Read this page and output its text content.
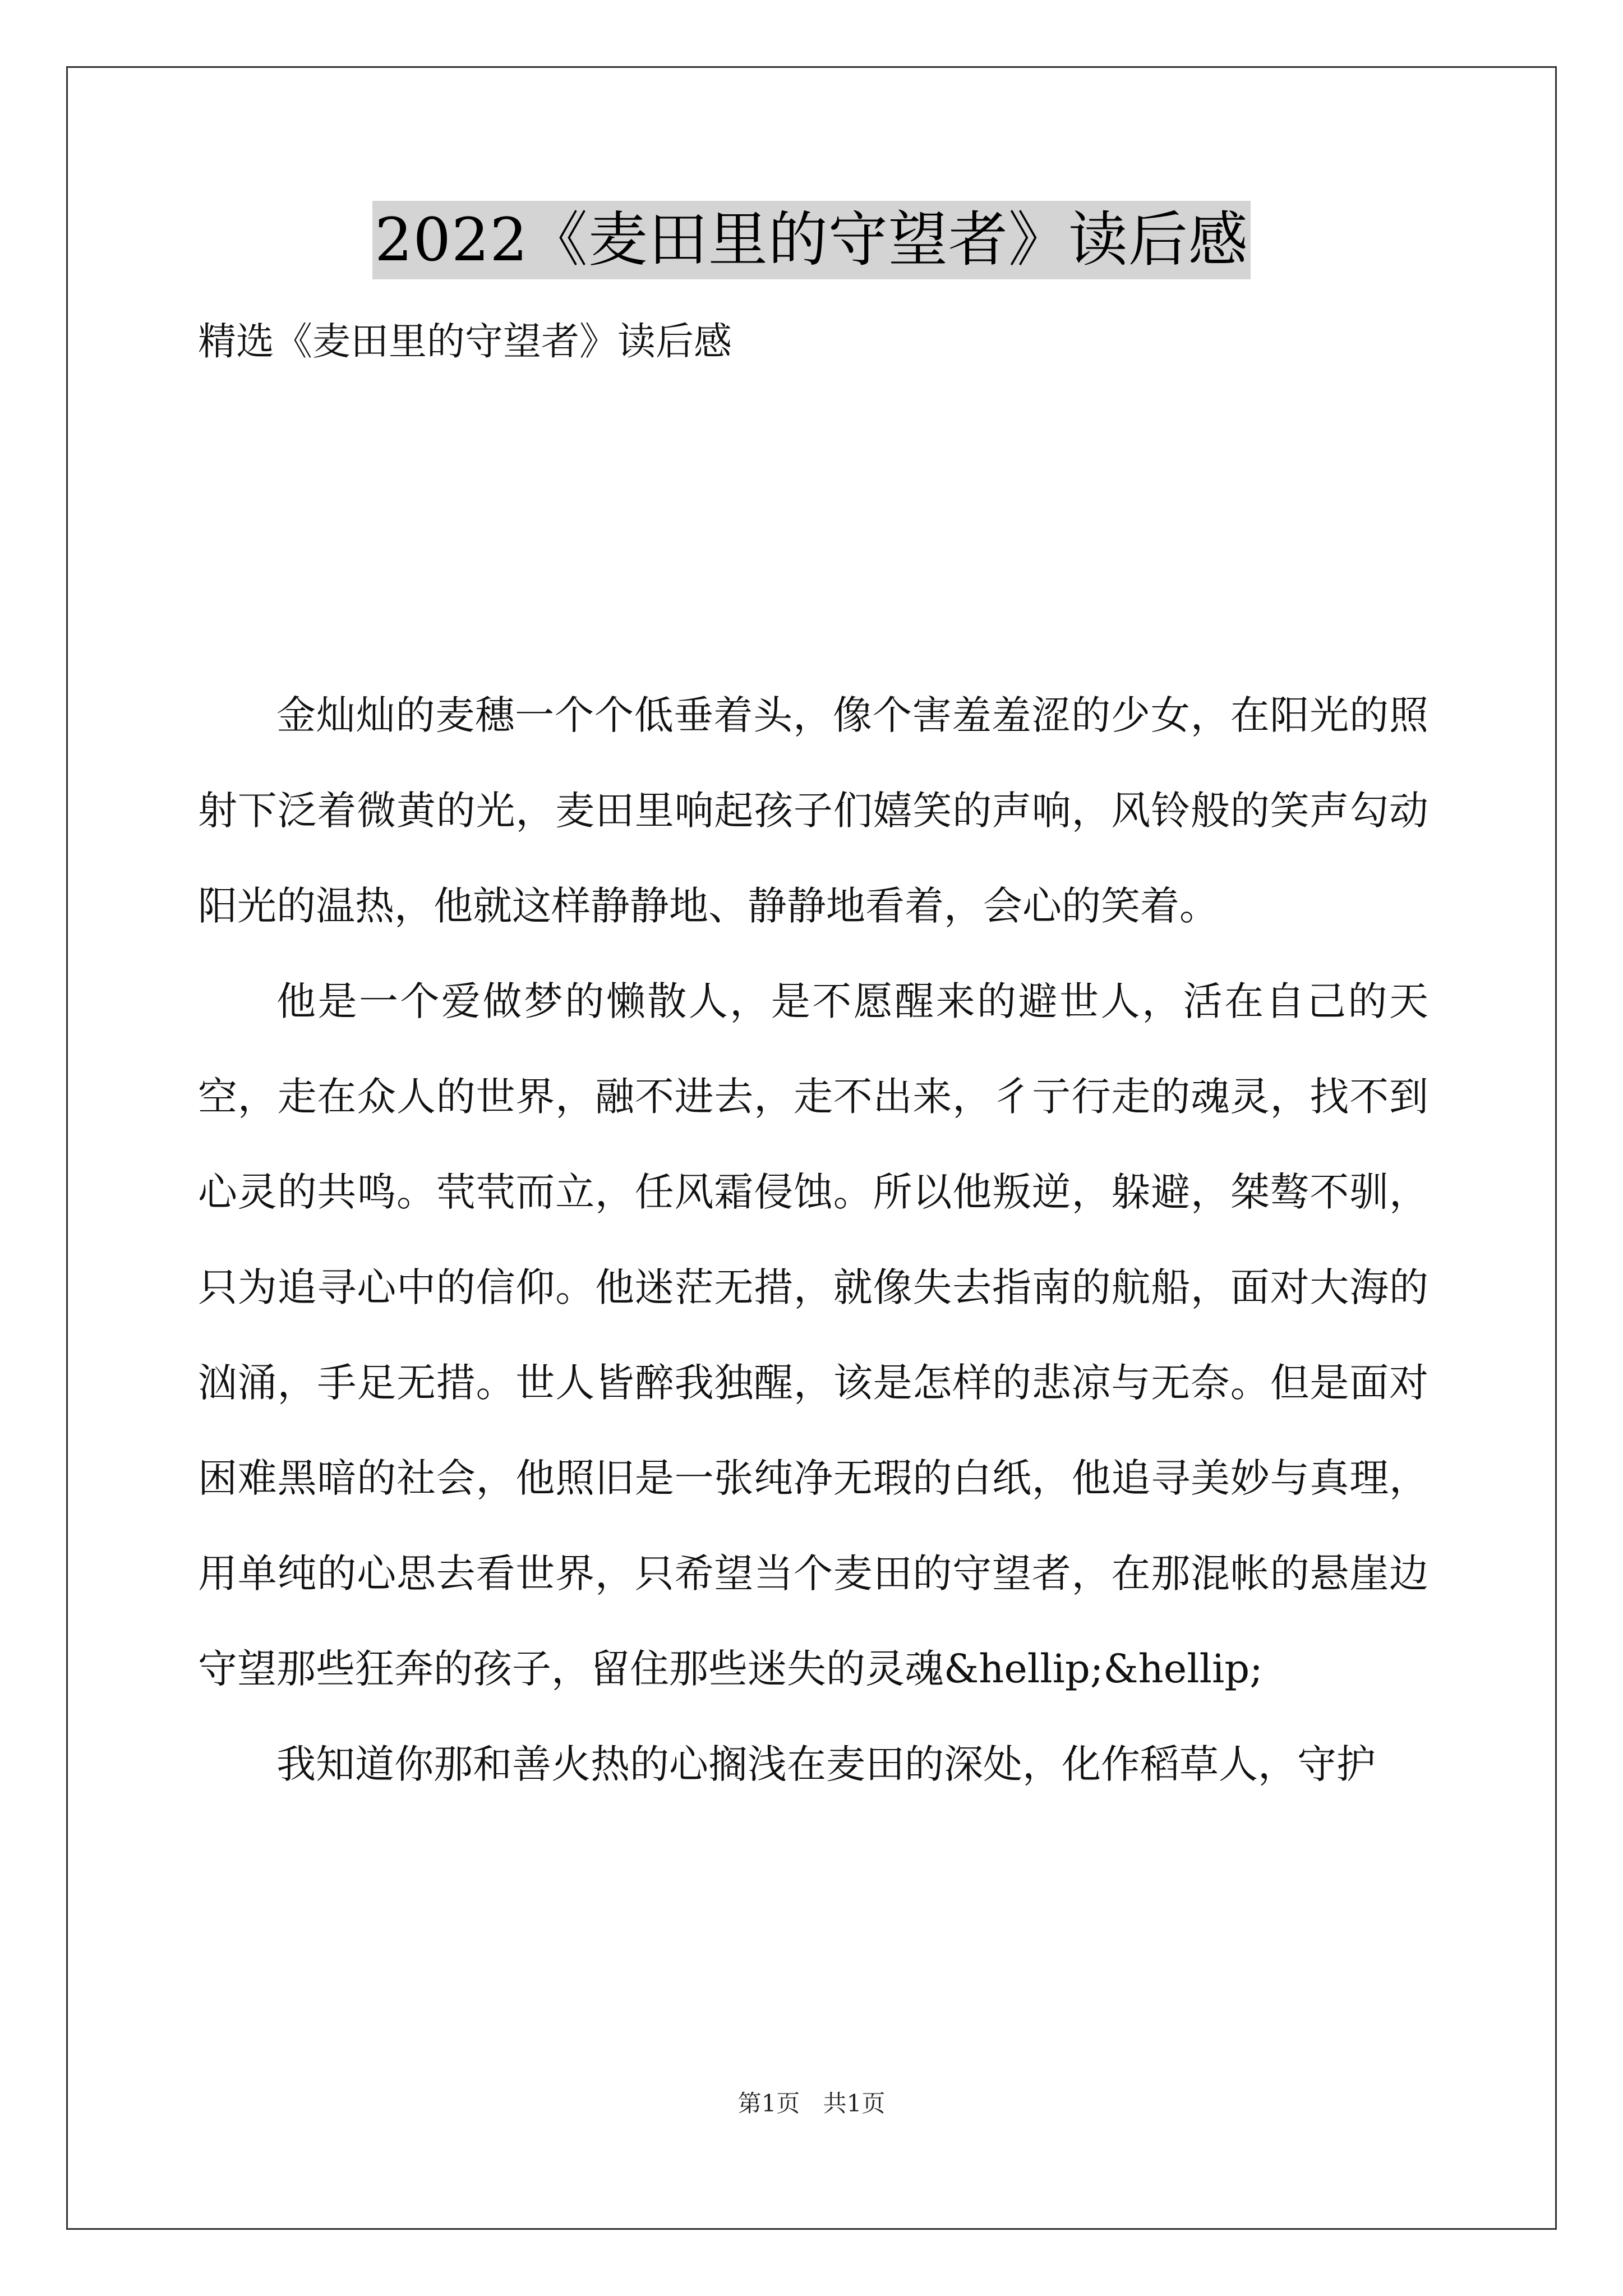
2022《麦田里的守望者》读后感
精选《麦田里的守望者》读后感

金灿灿的麦穗一个个低垂着头，像个害羞羞涩的少女，在阳光的照射下泛着微黄的光，麦田里响起孩子们嬉笑的声响，风铃般的笑声勾动阳光的温热，他就这样静静地、静静地看着，会心的笑着。

他是一个爱做梦的懒散人，是不愿醒来的避世人，活在自己的天空，走在众人的世界，融不进去，走不出来，彳亍行走的魂灵，找不到心灵的共鸣。茕茕而立，任风霜侵蚀。所以他叛逆，躲避，桀骜不驯，只为追寻心中的信仰。他迷茫无措，就像失去指南的航船，面对大海的汹涌，手足无措。世人皆醉我独醒，该是怎样的悲凉与无奈。但是面对困难黑暗的社会，他照旧是一张纯净无瑕的白纸，他追寻美妙与真理，用单纯的心思去看世界，只希望当个麦田的守望者，在那混帐的悬崖边守望那些狂奔的孩子，留住那些迷失的灵魂&hellip;&hellip;

我知道你那和善火热的心搁浅在麦田的深处，化作稻草人，守护

第1页 共1页
